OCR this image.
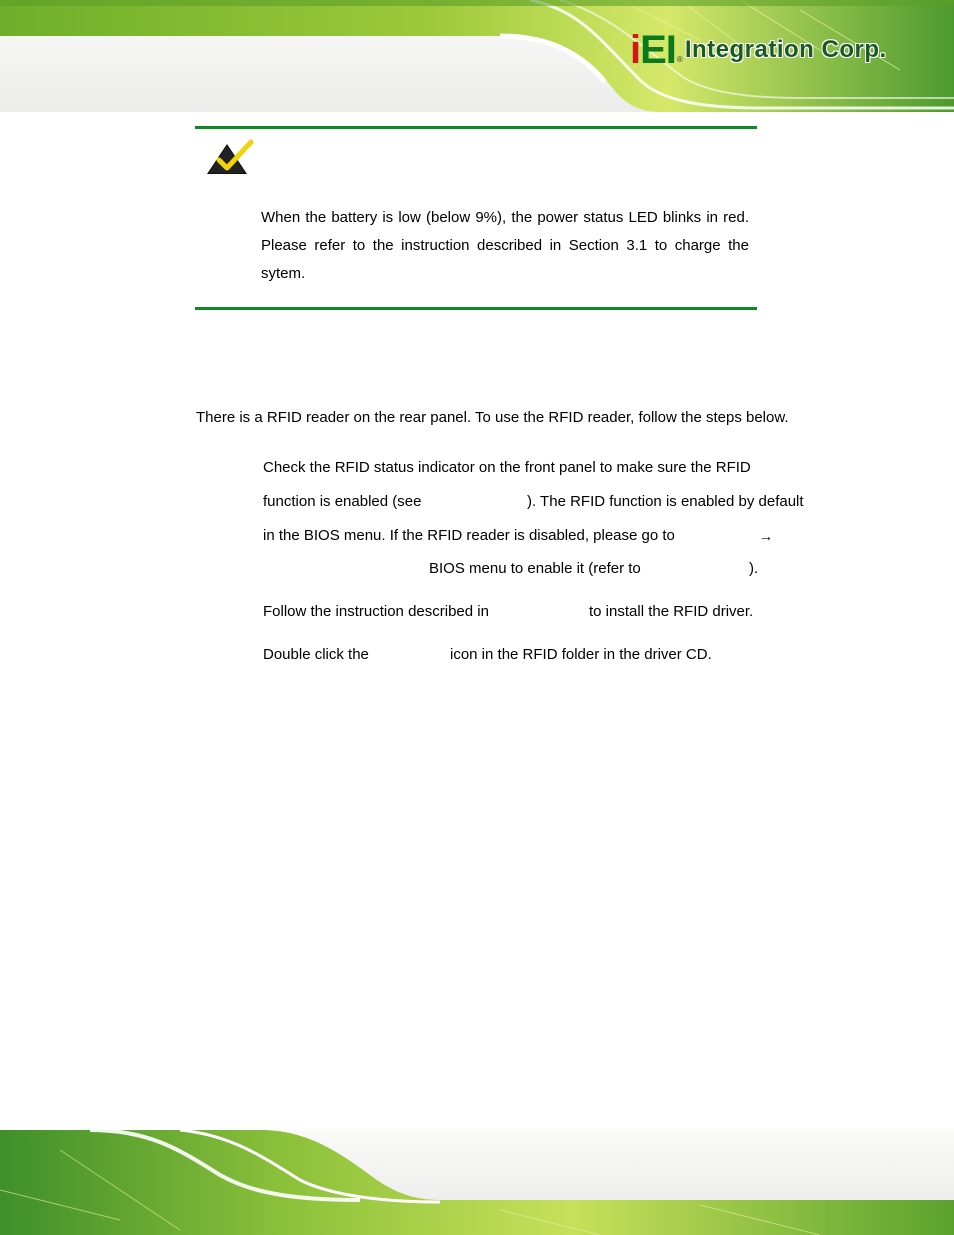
iEI ® Integration Corp.
When the battery is low (below 9%), the power status LED blinks in red. Please refer to the instruction described in Section 3.1 to charge the sytem.
There is a RFID reader on the rear panel. To use the RFID reader, follow the steps below.
Check the RFID status indicator on the front panel to make sure the RFID
function is enabled (see	). The RFID function is enabled by default
in the BIOS menu. If the RFID reader is disabled, please go to	→
BIOS menu to enable it (refer to	).
Follow the instruction described in	to install the RFID driver.
Double click the	icon in the RFID folder in the driver CD.
